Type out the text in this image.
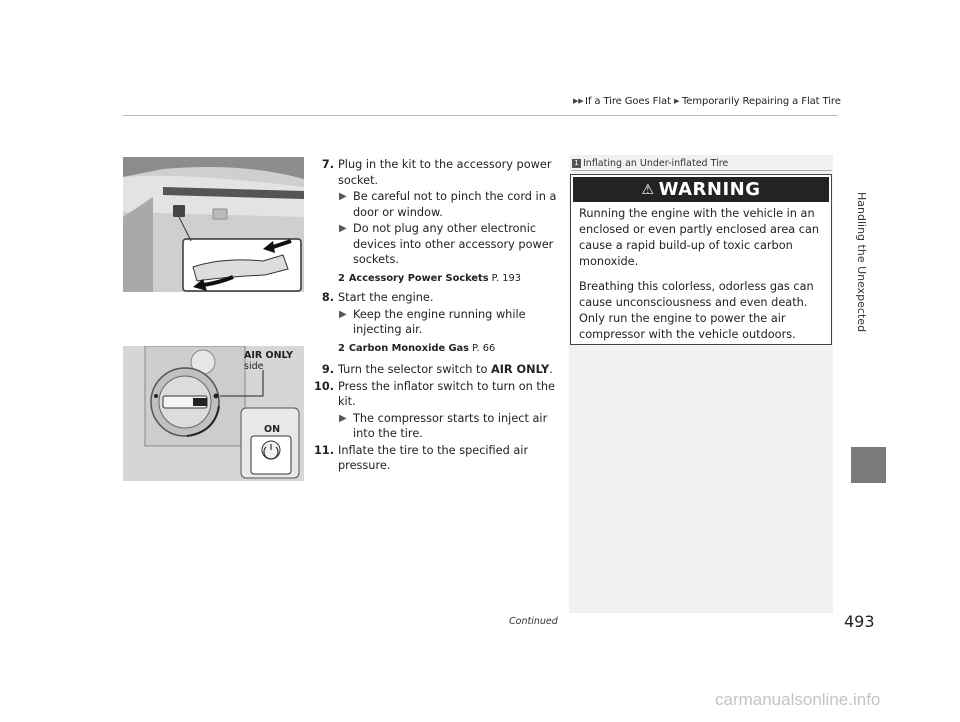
▶▶If a Tire Goes Flat ▶ Temporarily Repairing a Flat Tire
Handling the Unexpected
AIR ONLY
side
ON
7. Plug in the kit to the accessory power socket.
▶ Be careful not to pinch the cord in a door or window.
▶ Do not plug any other electronic devices into other accessory power sockets.
2 Accessory Power Sockets P. 193
8. Start the engine.
▶ Keep the engine running while injecting air.
2 Carbon Monoxide Gas P. 66
9. Turn the selector switch to AIR ONLY.
10. Press the inflator switch to turn on the kit.
▶ The compressor starts to inject air into the tire.
11. Inflate the tire to the specified air pressure.
1 Inflating an Under-inflated Tire
⚠ WARNING

Running the engine with the vehicle in an enclosed or even partly enclosed area can cause a rapid build-up of toxic carbon monoxide.

Breathing this colorless, odorless gas can cause unconsciousness and even death. Only run the engine to power the air compressor with the vehicle outdoors.

Continued	493
carmanualsonline.info
